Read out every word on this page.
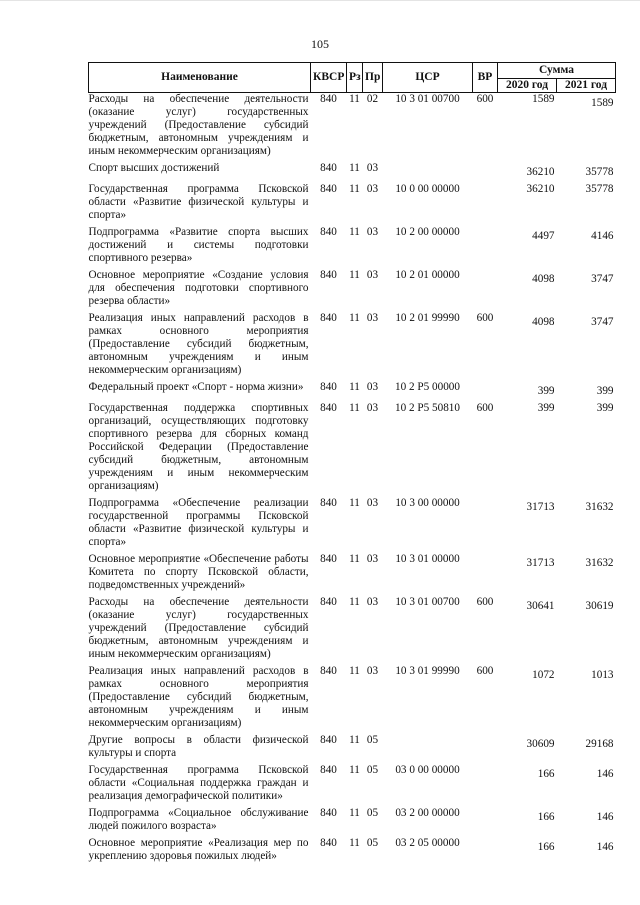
105
Наименование	КВСР	Рз	Пр	ЦСР	ВР	Сумма	
						2020 год	2021 год
Расходы на обеспечение деятельности (оказание услуг) государственных учреждений (Предоставление субсидий бюджетным, автономным учреждениям и иным некоммерческим организациям)	840	11	02	10 3 01 00700	600	1589	1589
Спорт высших достижений	840	11	03			36210	35778
Государственная программа Псковской области «Развитие физической культуры и спорта»	840	11	03	10 0 00 00000		36210	35778
Подпрограмма «Развитие спорта высших достижений и системы подготовки спортивного резерва»	840	11	03	10 2 00 00000		4497	4146
Основное мероприятие «Создание условия для обеспечения подготовки спортивного резерва области»	840	11	03	10 2 01 00000		4098	3747
Реализация иных направлений расходов в рамках основного мероприятия (Предоставление субсидий бюджетным, автономным учреждениям и иным некоммерческим организациям)	840	11	03	10 2 01 99990	600	4098	3747
Федеральный проект «Спорт - норма жизни»	840	11	03	10 2 P5 00000		399	399
Государственная поддержка спортивных организаций, осуществляющих подготовку спортивного резерва для сборных команд Российской Федерации (Предоставление субсидий бюджетным, автономным учреждениям и иным некоммерческим организациям)	840	11	03	10 2 P5 50810	600	399	399
Подпрограмма «Обеспечение реализации государственной программы Псковской области «Развитие физической культуры и спорта»	840	11	03	10 3 00 00000		31713	31632
Основное мероприятие «Обеспечение работы Комитета по спорту Псковской области, подведомственных учреждений»	840	11	03	10 3 01 00000		31713	31632
Расходы на обеспечение деятельности (оказание услуг) государственных учреждений (Предоставление субсидий бюджетным, автономным учреждениям и иным некоммерческим организациям)	840	11	03	10 3 01 00700	600	30641	30619
Реализация иных направлений расходов в рамках основного мероприятия (Предоставление субсидий бюджетным, автономным учреждениям и иным некоммерческим организациям)	840	11	03	10 3 01 99990	600	1072	1013
Другие вопросы в области физической культуры и спорта	840	11	05			30609	29168
Государственная программа Псковской области «Социальная поддержка граждан и реализация демографической политики»	840	11	05	03 0 00 00000		166	146
Подпрограмма «Социальное обслуживание людей пожилого возраста»	840	11	05	03 2 00 00000		166	146
Основное мероприятие «Реализация мер по укреплению здоровья пожилых людей»	840	11	05	03 2 05 00000		166	146
